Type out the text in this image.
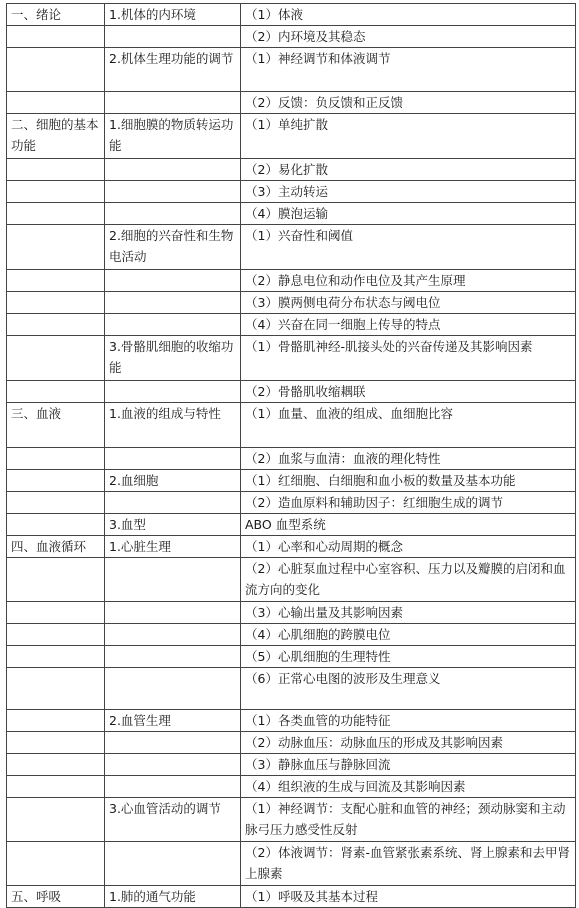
一、绪论	1.机体的内环境	（1）体液
		（2）内环境及其稳态
	2.机体生理功能的调节	（1）神经调节和体液调节
		（2）反馈：负反馈和正反馈
二、细胞的基本功能	1.细胞膜的物质转运功能	（1）单纯扩散
		（2）易化扩散
		（3）主动转运
		（4）膜泡运输
	2.细胞的兴奋性和生物电活动	（1）兴奋性和阈值
		（2）静息电位和动作电位及其产生原理
		（3）膜两侧电荷分布状态与阈电位
		（4）兴奋在同一细胞上传导的特点
	3.骨骼肌细胞的收缩功能	（1）骨骼肌神经-肌接头处的兴奋传递及其影响因素
		（2）骨骼肌收缩耦联
三、血液	1.血液的组成与特性	（1）血量、血液的组成、血细胞比容
		（2）血浆与血清：血液的理化特性
	2.血细胞	（1）红细胞、白细胞和血小板的数量及基本功能
		（2）造血原料和辅助因子：红细胞生成的调节
	3.血型	ABO 血型系统
四、血液循环	1.心脏生理	（1）心率和心动周期的概念
		（2）心脏泵血过程中心室容积、压力以及瓣膜的启闭和血流方向的变化
		（3）心输出量及其影响因素
		（4）心肌细胞的跨膜电位
		（5）心肌细胞的生理特性
		（6）正常心电图的波形及生理意义
	2.血管生理	（1）各类血管的功能特征
		（2）动脉血压：动脉血压的形成及其影响因素
		（3）静脉血压与静脉回流
		（4）组织液的生成与回流及其影响因素
	3.心血管活动的调节	（1）神经调节：支配心脏和血管的神经；颈动脉窦和主动脉弓压力感受性反射
		（2）体液调节：肾素-血管紧张素系统、肾上腺素和去甲肾上腺素
五、呼吸	1.肺的通气功能	（1）呼吸及其基本过程
